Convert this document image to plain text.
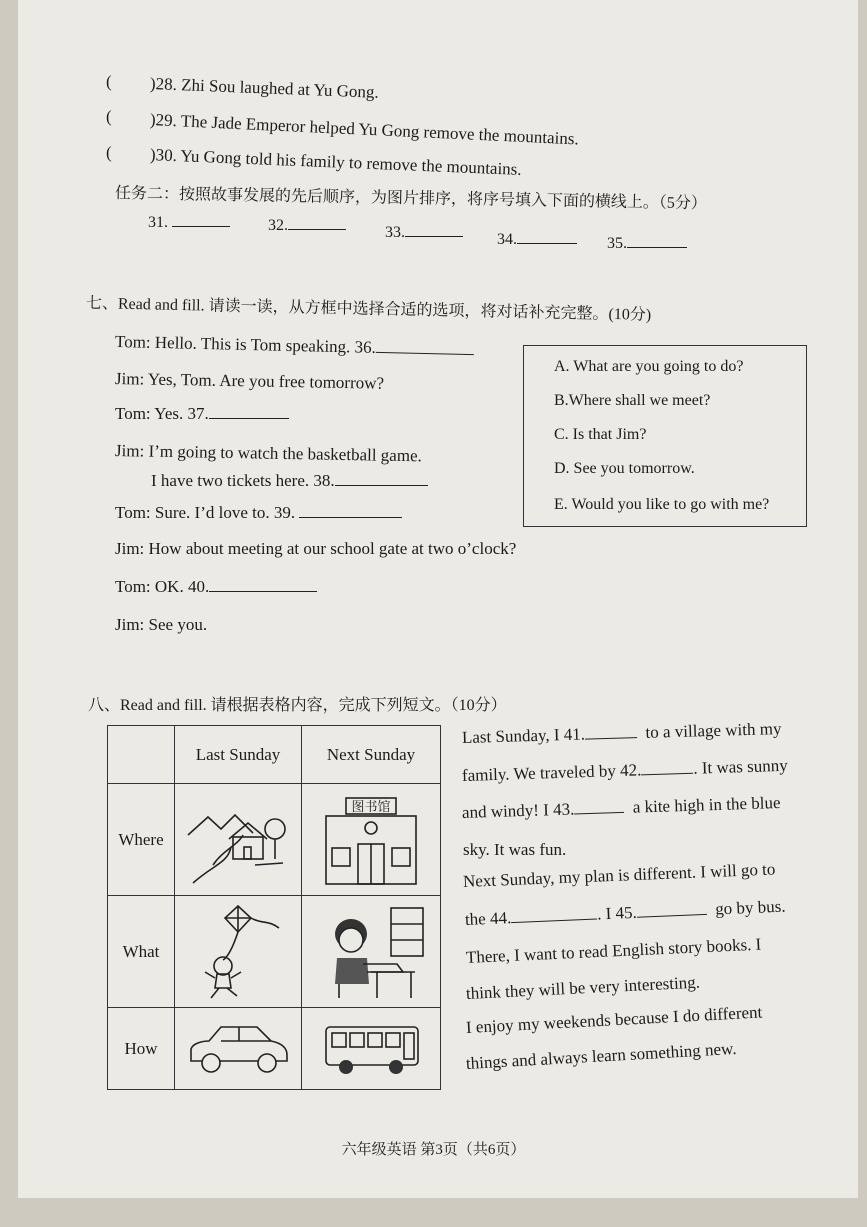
( )28. Zhi Sou laughed at Yu Gong.
( )29. The Jade Emperor helped Yu Gong remove the mountains.
( )30. Yu Gong told his family to remove the mountains.
任务二：按照故事发展的先后顺序，为图片排序，将序号填入下面的横线上。（5分）
31.	32.	33.	34.	35.
七、Read and fill. 请读一读，从方框中选择合适的选项，将对话补充完整。(10分)
Tom: Hello. This is Tom speaking. 36.
Jim: Yes, Tom. Are you free tomorrow?
Tom: Yes. 37.
Jim: I’m going to watch the basketball game.
I have two tickets here. 38.
Tom: Sure. I’d love to. 39.
Jim: How about meeting at our school gate at two o’clock?
Tom: OK. 40.
Jim: See you.
A. What are you going to do?
B.Where shall we meet?
C. Is that Jim?
D. See you tomorrow.
E. Would you like to go with me?
八、Read and fill. 请根据表格内容，完成下列短文。（10分）
	Last Sunday	Next Sunday
Where		图书馆

What	

How	

Last Sunday, I 41.	to a village with my
family. We traveled by 42.	. It was sunny
and windy! I 43.	a kite high in the blue
sky. It was fun.
Next Sunday, my plan is different. I will go to
the 44.	. I 45.	go by bus.
There, I want to read English story books. I
think they will be very interesting.
I enjoy my weekends because I do different
things and always learn something new.
六年级英语 第3页（共6页）
